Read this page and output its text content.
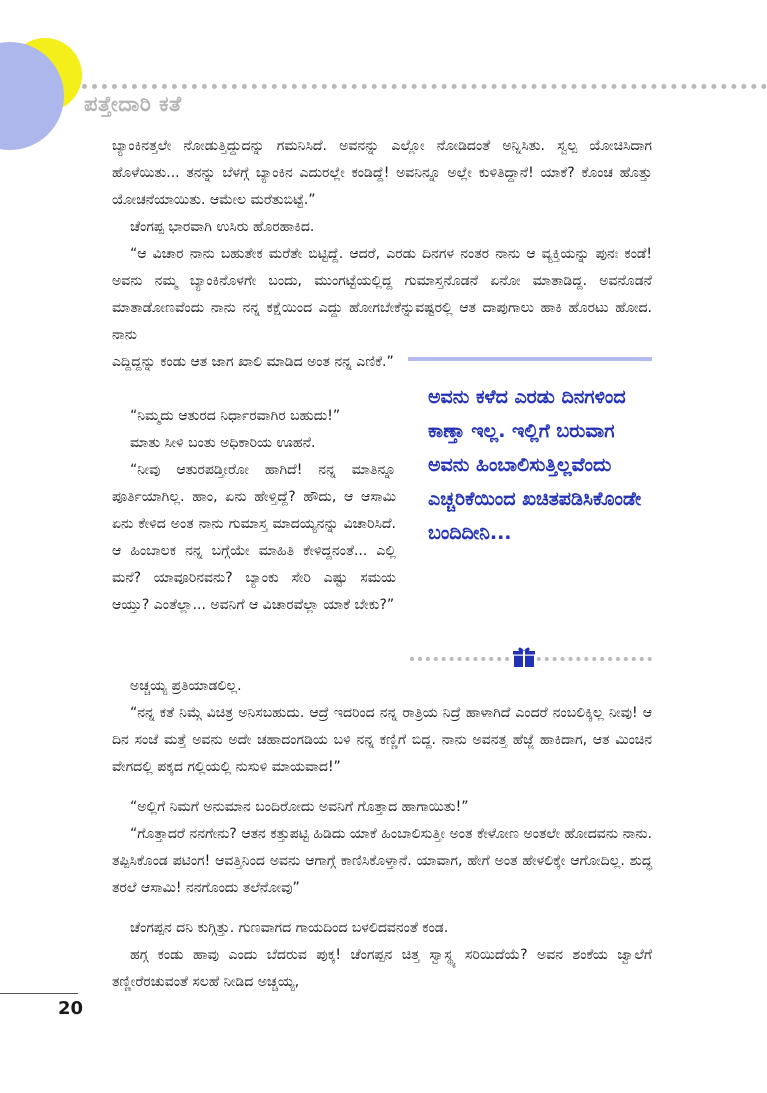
ಪತ್ತೇದಾರಿ ಕತೆ

ಬ್ಯಾಂಕಿನತ್ತಲೇ ನೋಡುತ್ತಿದ್ದುದನ್ನು ಗಮನಿಸಿದೆ. ಅವನನ್ನು ಎಲ್ಲೋ ನೋಡಿದಂತೆ ಅನ್ನಿಸಿತು. ಸ್ವಲ್ಪ ಯೋಚಿಸಿದಾಗ ಹೊಳೆಯಿತು... ತನನ್ನು ಬೆಳಗ್ಗೆ ಬ್ಯಾಂಕಿನ ಎದುರಲ್ಲೇ ಕಂಡಿದ್ದೆ! ಅವನಿನ್ನೂ ಅಲ್ಲೇ ಕುಳಿತಿದ್ದಾನೆ! ಯಾಕೆ? ಕೊಂಚ ಹೊತ್ತು ಯೋಚನೆಯಾಯಿತು. ಆಮೇಲ ಮರೆತುಬಿಟ್ಟೆ.”

ಚೆಂಗಪ್ಪ ಭಾರವಾಗಿ ಉಸಿರು ಹೊರಹಾಕಿದ.

“ಆ ವಿಚಾರ ನಾನು ಬಹುತೇಕ ಮರೆತೇ ಬಿಟ್ಟಿದ್ದೆ. ಆದರೆ, ಎರಡು ದಿನಗಳ ನಂತರ ನಾನು ಆ ವ್ಯಕ್ತಿಯನ್ನು ಪುನಃ ಕಂಡೆ! ಅವನು ನಮ್ಮ ಬ್ಯಾಂಕಿನೊಳಗೇ ಬಂದು, ಮುಂಗಟ್ಟೆಯಲ್ಲಿದ್ದ ಗುಮಾಸ್ತನೊಡನೆ ಏನೋ ಮಾತಾಡಿದ್ದ. ಅವನೊಡನೆ ಮಾತಾಡೋಣವೆಂದು ನಾನು ನನ್ನ ಕಕ್ಷೆಯಿಂದ ಎದ್ದು ಹೋಗಬೇಕೆನ್ನುವಷ್ಟರಲ್ಲಿ ಆತ ದಾಪುಗಾಲು ಹಾಕಿ ಹೊರಟು ಹೋದ. ನಾನು

ಎದ್ದಿದ್ದನ್ನು ಕಂಡು ಆತ ಜಾಗ ಖಾಲಿ ಮಾಡಿದ ಅಂತ ನನ್ನ ಎಣಿಕೆ.”

“ನಿಮ್ಮದು ಆತುರದ ನಿರ್ಧಾರವಾಗಿರ ಬಹುದು!”

ಮಾತು ಸೀಳಿ ಬಂತು ಅಧಿಕಾರಿಯ ಊಹನೆ.

“ನೀವು ಆತುರಪಡ್ತೀರೋ ಹಾಗಿದೆ! ನನ್ನ ಮಾತಿನ್ನೂ ಪೂರ್ತಿಯಾಗಿಲ್ಲ. ಹಾಂ, ಏನು ಹೇಳ್ತಿದ್ದೆ? ಹೌದು, ಆ ಆಸಾಮಿ ಏನು ಕೇಳಿದ ಅಂತ ನಾನು ಗುಮಾಸ್ತ ಮಾದಯ್ಯನನ್ನು ವಿಚಾರಿಸಿದೆ. ಆ ಹಿಂಬಾಲಕ ನನ್ನ ಬಗ್ಗೆಯೇ ಮಾಹಿತಿ ಕೇಳಿದ್ದನಂತೆ... ಎಲ್ಲಿ ಮನೆ? ಯಾವೂರಿನವನು? ಬ್ಯಾಂಕು ಸೇರಿ ಎಷ್ಟು ಸಮಯ ಆಯ್ತು? ಎಂತೆಲ್ಲಾ... ಅವನಿಗೆ ಆ ವಿಚಾರವೆಲ್ಲಾ ಯಾಕೆ ಬೇಕು?”

ಅವನು ಕಳೆದ ಎರಡು ದಿನಗಳಿಂದ ಕಾಣ್ತಾ ಇಲ್ಲ. ಇಲ್ಲಿಗೆ ಬರುವಾಗ ಅವನು ಹಿಂಬಾಲಿಸುತ್ತಿಲ್ಲವೆಂದು ಎಚ್ಚರಿಕೆಯಿಂದ ಖಚಿತಪಡಿಸಿಕೊಂಡೇ ಬಂದಿದೀನಿ...

ಅಚ್ಚಯ್ಯ ಪ್ರತಿಯಾಡಲಿಲ್ಲ.

“ನನ್ನ ಕತೆ ನಿಮ್ಗೆ ವಿಚಿತ್ರ ಅನಿಸಬಹುದು. ಆದ್ರೆ ಇದರಿಂದ ನನ್ನ ರಾತ್ರಿಯ ನಿದ್ರೆ ಹಾಳಾಗಿದೆ ಎಂದರೆ ನಂಬಲಿಕ್ಕಿಲ್ಲ ನೀವು! ಆ ದಿನ ಸಂಜೆ ಮತ್ತೆ ಅವನು ಅದೇ ಚಹಾದಂಗಡಿಯ ಬಳಿ ನನ್ನ ಕಣ್ಣಿಗೆ ಬಿದ್ದ. ನಾನು ಅವನತ್ತ ಹೆಜ್ಜೆ ಹಾಕಿದಾಗ, ಆತ ಮಿಂಚಿನ ವೇಗದಲ್ಲಿ ಪಕ್ಕದ ಗಲ್ಲಿಯಲ್ಲಿ ನುಸುಳಿ ಮಾಯವಾದ!”

“ಅಲ್ಲಿಗೆ ನಿಮಗೆ ಅನುಮಾನ ಬಂದಿರೋದು ಅವನಿಗೆ ಗೊತ್ತಾದ ಹಾಗಾಯಿತು!”

“ಗೊತ್ತಾದರೆ ನನಗೇನು? ಆತನ ಕತ್ತುಪಟ್ಟಿ ಹಿಡಿದು ಯಾಕೆ ಹಿಂಬಾಲಿಸುತ್ತೀ ಅಂತ ಕೇಳೋಣ ಅಂತಲೇ ಹೋದವನು ನಾನು. ತಪ್ಪಿಸಿಕೊಂಡ ಪಟಿಂಗ! ಆವತ್ತಿನಿಂದ ಅವನು ಆಗಾಗ್ಗೆ ಕಾಣಿಸಿಕೊಳ್ತಾನೆ. ಯಾವಾಗ, ಹೇಗೆ ಅಂತ ಹೇಳಲಿಕ್ಕೇ ಆಗೋದಿಲ್ಲ. ಶುದ್ಧ ತರಲೆ ಆಸಾಮಿ! ನನಗೊಂದು ತಲೆನೋವು”

ಚೆಂಗಪ್ಪನ ದನಿ ಕುಗ್ಗಿತ್ತು. ಗುಣವಾಗದ ಗಾಯದಿಂದ ಬಳಲಿದವನಂತೆ ಕಂಡ.

ಹಗ್ಗ ಕಂಡು ಹಾವು ಎಂದು ಬೆದರುವ ಪುಕ್ಕ! ಚೆಂಗಪ್ಪನ ಚಿತ್ತ ಸ್ವಾಸ್ಥ್ಯ ಸರಿಯಿದೆಯೆ? ಅವನ ಶಂಕೆಯ ಜ್ವಾಲೆಗೆ ತಣ್ಣೀರೆರಚುವಂತೆ ಸಲಹೆ ನೀಡಿದ ಅಚ್ಚಯ್ಯ,

20
